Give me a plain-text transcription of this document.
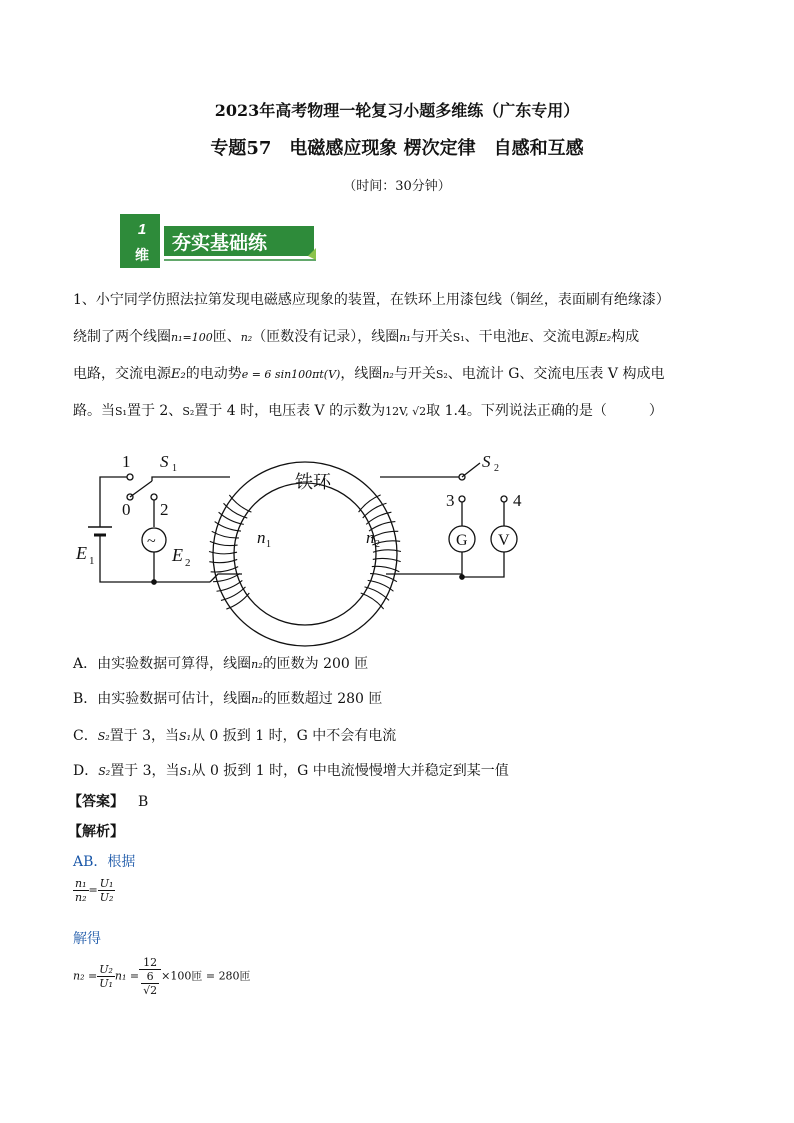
2023年高考物理一轮复习小题多维练（广东专用）
专题57　电磁感应现象 楞次定律　自感和互感
（时间：30分钟）
1
维
夯实基础练
1、小宁同学仿照法拉第发现电磁感应现象的装置，在铁环上用漆包线（铜丝，表面刷有绝缘漆）
绕制了两个线圈n₁=100匝、n₂（匝数没有记录），线圈n₁与开关S₁、干电池E、交流电源E₂构成
电路，交流电源E₂的电动势e = 6 sin100πt(V)，线圈n₂与开关S₂、电流计 G、交流电压表 V 构成电
路。当S₁置于 2、S₂置于 4 时，电压表 V 的示数为12V, √2取 1.4。下列说法正确的是（　　　）
1
0 2
S 1
E 1	E 2
~
铁环
n 1	n 2
S 2
3	4
G V
A．由实验数据可算得，线圈n₂的匝数为 200 匝
B．由实验数据可估计，线圈n₂的匝数超过 280 匝
C．S₂置于 3，当S₁从 0 扳到 1 时，G 中不会有电流
D．S₂置于 3，当S₁从 0 扳到 1 时，G 中电流慢慢增大并稳定到某一值
【答案】 B
【解析】
AB．根据
$\frac{\text{n₁}}{\text{n₂}} = \frac{\text{U₁}}{\text{U₂}}$
解得
$n_2 = \frac{\text{U₂}}{\text{U₁}} n_1 = \frac{12}{\frac{6}{√2}} \times 100$匝 = 280匝
